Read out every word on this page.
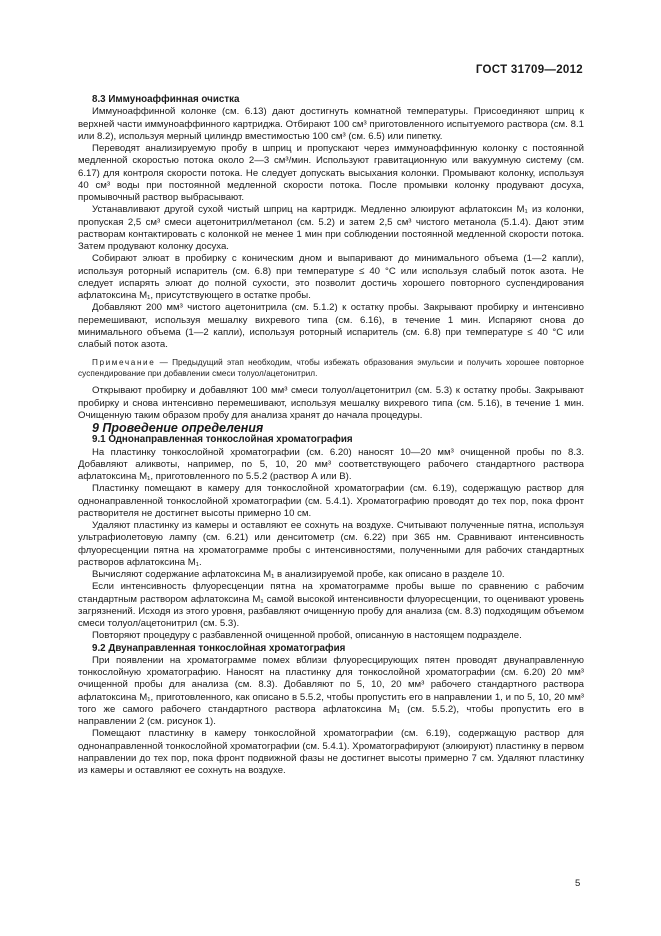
ГОСТ 31709—2012

8.3 Иммуноаффинная очистка

Иммуноаффинной колонке (см. 6.13) дают достигнуть комнатной температуры. Присоединяют шприц к верхней части иммуноаффинного картриджа. Отбирают 100 см³ приготовленного испытуемого раствора (см. 8.1 или 8.2), используя мерный цилиндр вместимостью 100 см³ (см. 6.5) или пипетку.

Переводят анализируемую пробу в шприц и пропускают через иммуноаффинную колонку с постоянной медленной скоростью потока около 2—3 см³/мин. Используют гравитационную или вакуумную систему (см. 6.17) для контроля скорости потока. Не следует допускать высыхания колонки. Промывают колонку, используя 40 см³ воды при постоянной медленной скорости потока. После промывки колонку продувают досуха, промывочный раствор выбрасывают.

Устанавливают другой сухой чистый шприц на картридж. Медленно элюируют афлатоксин M₁ из колонки, пропуская 2,5 см³ смеси ацетонитрил/метанол (см. 5.2) и затем 2,5 см³ чистого метанола (5.1.4). Дают этим растворам контактировать с колонкой не менее 1 мин при соблюдении постоянной медленной скорости потока. Затем продувают колонку досуха.

Собирают элюат в пробирку с коническим дном и выпаривают до минимального объема (1—2 капли), используя роторный испаритель (см. 6.8) при температуре ≤ 40 °С или используя слабый поток азота. Не следует испарять элюат до полной сухости, это позволит достичь хорошего повторного суспендирования афлатоксина M₁, присутствующего в остатке пробы.

Добавляют 200 мм³ чистого ацетонитрила (см. 5.1.2) к остатку пробы. Закрывают пробирку и интенсивно перемешивают, используя мешалку вихревого типа (см. 6.16), в течение 1 мин. Испаряют снова до минимального объема (1—2 капли), используя роторный испаритель (см. 6.8) при температуре ≤ 40 °С или слабый поток азота.

Примечание — Предыдущий этап необходим, чтобы избежать образования эмульсии и получить хорошее повторное суспендирование при добавлении смеси толуол/ацетонитрил.

Открывают пробирку и добавляют 100 мм³ смеси толуол/ацетонитрил (см. 5.3) к остатку пробы. Закрывают пробирку и снова интенсивно перемешивают, используя мешалку вихревого типа (см. 5.16), в течение 1 мин. Очищенную таким образом пробу для анализа хранят до начала процедуры.

9 Проведение определения

9.1 Однонаправленная тонкослойная хроматография

На пластинку тонкослойной хроматографии (см. 6.20) наносят 10—20 мм³ очищенной пробы по 8.3. Добавляют аликвоты, например, по 5, 10, 20 мм³ соответствующего рабочего стандартного раствора афлатоксина M₁, приготовленного по 5.5.2 (раствор А или В).

Пластинку помещают в камеру для тонкослойной хроматографии (см. 6.19), содержащую раствор для однонаправленной тонкослойной хроматографии (см. 5.4.1). Хроматографию проводят до тех пор, пока фронт растворителя не достигнет высоты примерно 10 см.

Удаляют пластинку из камеры и оставляют ее сохнуть на воздухе. Считывают полученные пятна, используя ультрафиолетовую лампу (см. 6.21) или денситометр (см. 6.22) при 365 нм. Сравнивают интенсивность флуоресценции пятна на хроматограмме пробы с интенсивностями, полученными для рабочих стандартных растворов афлатоксина M₁.

Вычисляют содержание афлатоксина M₁ в анализируемой пробе, как описано в разделе 10.

Если интенсивность флуоресценции пятна на хроматограмме пробы выше по сравнению с рабочим стандартным раствором афлатоксина M₁ самой высокой интенсивности флуоресценции, то оценивают уровень загрязнений. Исходя из этого уровня, разбавляют очищенную пробу для анализа (см. 8.3) подходящим объемом смеси толуол/ацетонитрил (см. 5.3).

Повторяют процедуру с разбавленной очищенной пробой, описанную в настоящем подразделе.

9.2 Двунаправленная тонкослойная хроматография

При появлении на хроматограмме помех вблизи флуоресцирующих пятен проводят двунаправленную тонкослойную хроматографию. Наносят на пластинку для тонкослойной хроматографии (см. 6.20) 20 мм³ очищенной пробы для анализа (см. 8.3). Добавляют по 5, 10, 20 мм³ рабочего стандартного раствора афлатоксина M₁, приготовленного, как описано в 5.5.2, чтобы пропустить его в направлении 1, и по 5, 10, 20 мм³ того же самого рабочего стандартного раствора афлатоксина M₁ (см. 5.5.2), чтобы пропустить его в направлении 2 (см. рисунок 1).

Помещают пластинку в камеру тонкослойной хроматографии (см. 6.19), содержащую раствор для однонаправленной тонкослойной хроматографии (см. 5.4.1). Хроматографируют (элюируют) пластинку в первом направлении до тех пор, пока фронт подвижной фазы не достигнет высоты примерно 7 см. Удаляют пластинку из камеры и оставляют ее сохнуть на воздухе.

5
